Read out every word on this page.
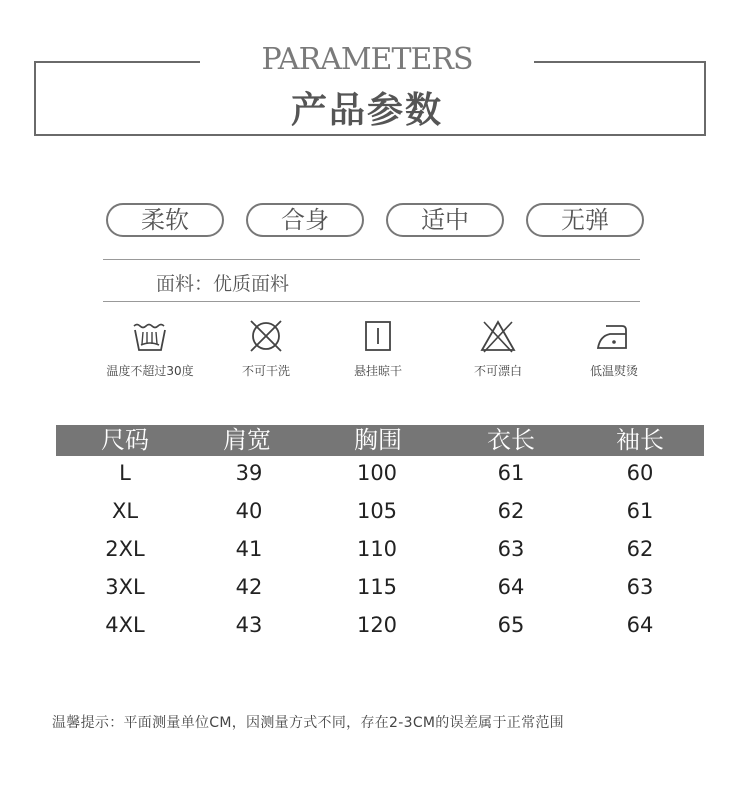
PARAMETERS
产品参数
柔软	合身	适中	无弹
面料：优质面料
温度不超过30度	不可干洗	悬挂晾干	不可漂白	低温熨烫
尺码	肩宽	胸围	衣长	袖长
L	39	100	61	60
XL	40	105	62	61
2XL	41	110	63	62
3XL	42	115	64	63
4XL	43	120	65	64
温馨提示：平面测量单位CM，因测量方式不同，存在2-3CM的误差属于正常范围
